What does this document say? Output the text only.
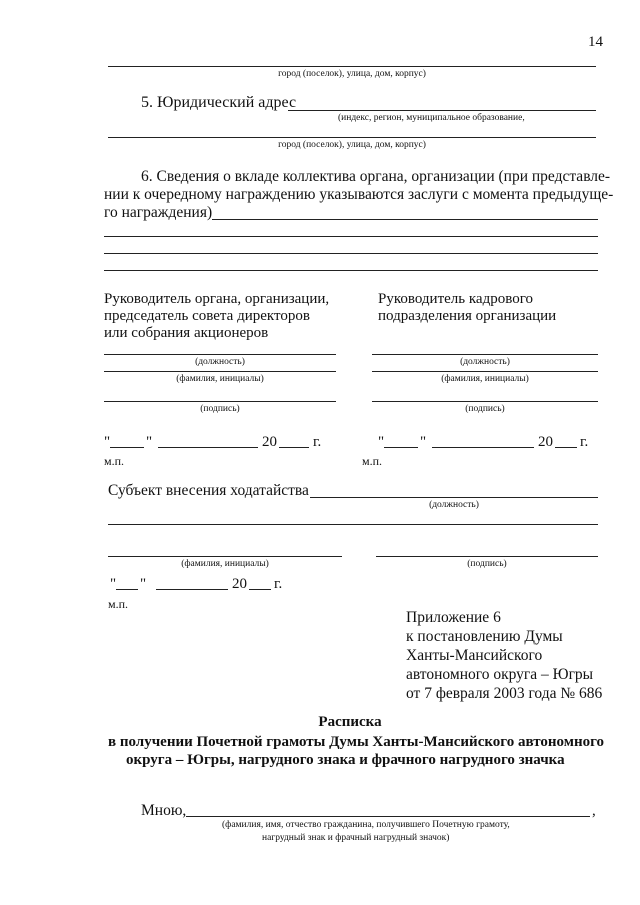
14
город (поселок), улица, дом, корпус)
5. Юридический адрес
(индекс, регион, муниципальное образование,
город (поселок), улица, дом, корпус)
6. Сведения о вкладе коллектива органа, организации (при представле-
нии к очередному награждению указываются заслуги с момента предыдуще-
го награждения)
Руководитель органа, организации,
председатель совета директоров
или собрания акционеров
(должность)
(фамилия, инициалы)
(подпись)
" "	20 г.
м.п.
Руководитель кадрового
подразделения организации
(должность)
(фамилия, инициалы)
(подпись)
" "	20 г.
м.п.
Субъект внесения ходатайства
(должность)
(фамилия, инициалы)	(подпись)
" "	20 г.
м.п.
Приложение 6
к постановлению Думы
Ханты-Мансийского
автономного округа – Югры
от 7 февраля 2003 года № 686
Расписка
в получении Почетной грамоты Думы Ханты-Мансийского автономного
округа – Югры, нагрудного знака и фрачного нагрудного значка
Мною,	,
(фамилия, имя, отчество гражданина, получившего Почетную грамоту,
нагрудный знак и фрачный нагрудный значок)
